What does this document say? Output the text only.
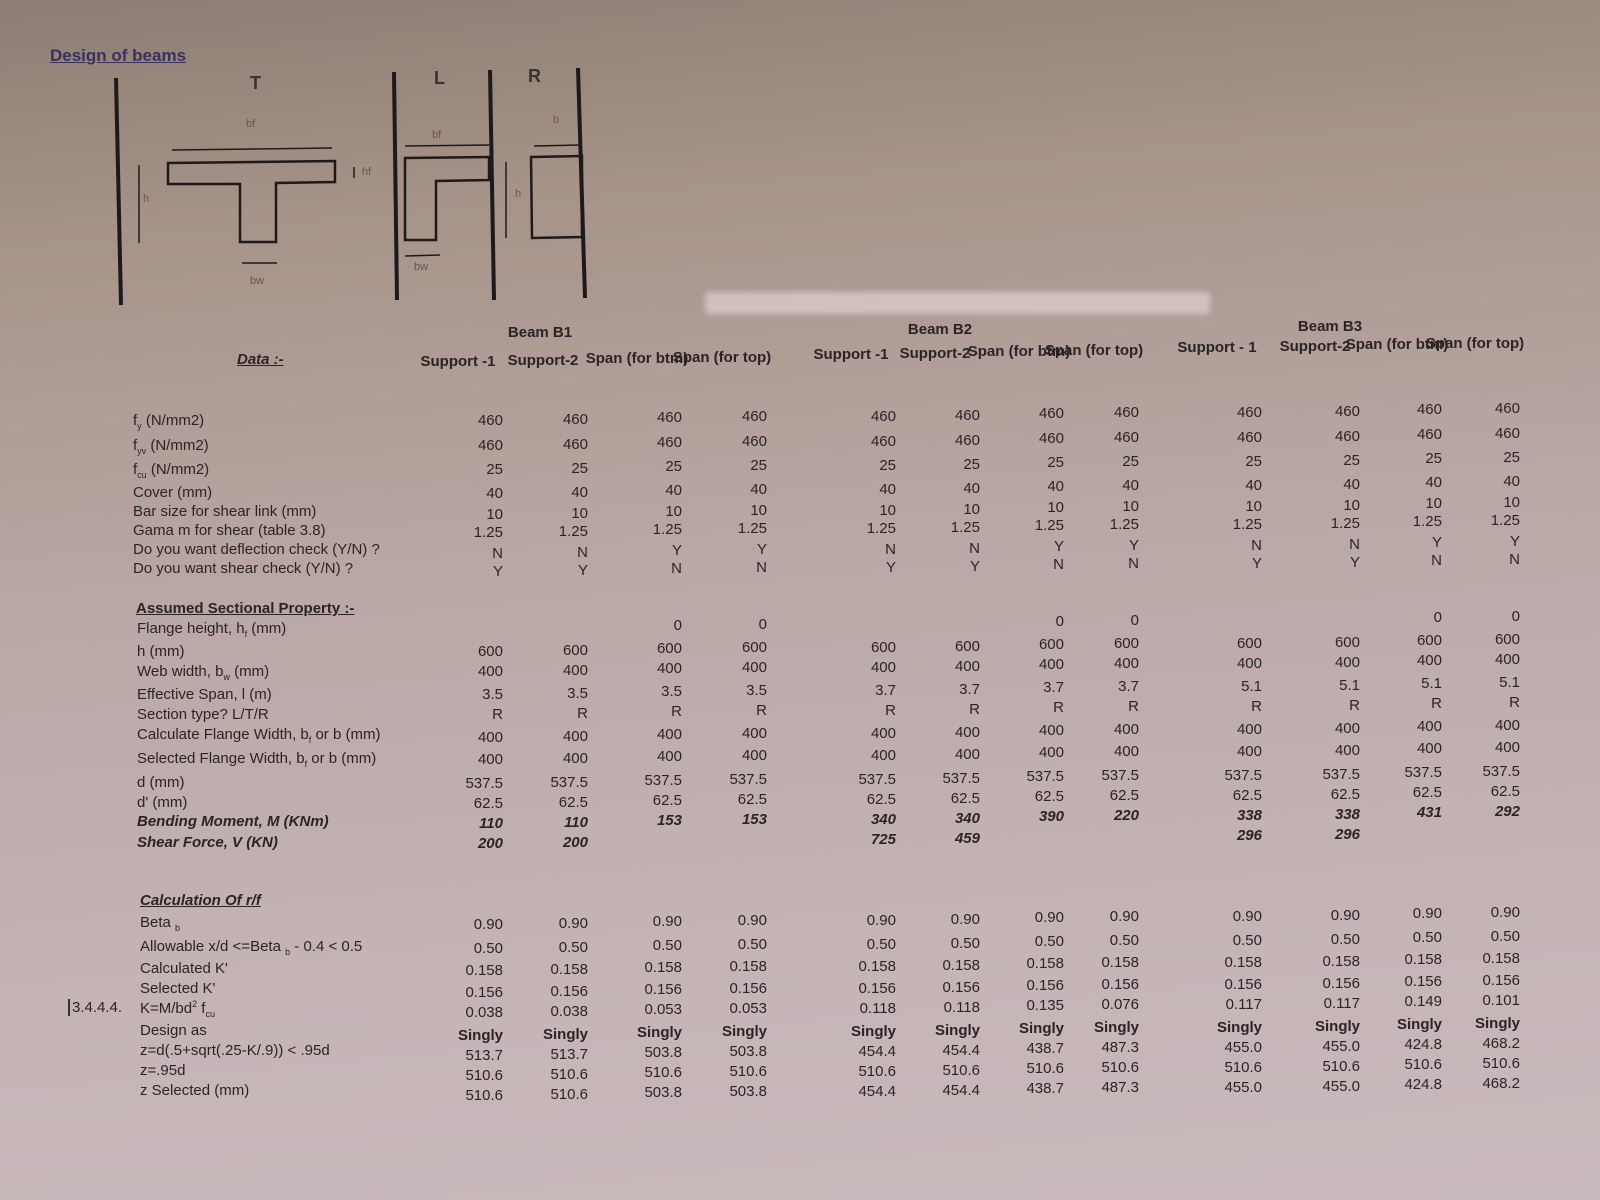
Design of beams
T	L	R
bf
hf
h
bw
bf
h
bw
b
Data :-
Assumed Sectional Property :-
Calculation Of r/f
3.4.4.4.
$f_y$ (N/mm2)
$f_{yv}$ (N/mm2)
$f_{cu}$ (N/mm2)
Cover (mm)
Bar size for shear link (mm)
Gama m for shear (table 3.8)
Do you want deflection check (Y/N) ?
Do you want shear check (Y/N) ?
Flange height, $h_f$ (mm)
h (mm)
Web width, $b_w$ (mm)
Effective Span, l (m)
Section type? L/T/R
Calculate Flange Width, $b_f$ or b (mm)
Selected Flange Width, $b_f$ or b (mm)
d (mm)
d' (mm)
Bending Moment, M (KNm)
Shear Force, V (KN)
Beta $_b$
Allowable x/d <=Beta $_b$ - 0.4 < 0.5
Calculated K'
Selected K'
$K=M/bd^2$ $f_{cu}$
Design as
z=d(.5+sqrt(.25-K/.9)) < .95d
z=.95d
z Selected (mm)
Beam B1
Support -1
460
460
25
40
10
1.25
N
Y
600
400
3.5
R
400
400
537.5
62.5
110
200
0.90
0.50
0.158
0.156
0.038
Singly
513.7
510.6
510.6
Support-2
460
460
25
40
10
1.25
N
Y
600
400
3.5
R
400
400
537.5
62.5
110
200
0.90
0.50
0.158
0.156
0.038
Singly
513.7
510.6
510.6
Span (for btm)
460
460
25
40
10
1.25
Y
N
0
600
400
3.5
R
400
400
537.5
62.5
153
0.90
0.50
0.158
0.156
0.053
Singly
503.8
510.6
503.8
Span (for top)
460
460
25
40
10
1.25
Y
N
0
600
400
3.5
R
400
400
537.5
62.5
153
0.90
0.50
0.158
0.156
0.053
Singly
503.8
510.6
503.8
Beam B2
Support -1
460
460
25
40
10
1.25
N
Y
600
400
3.7
R
400
400
537.5
62.5
340
725
0.90
0.50
0.158
0.156
0.118
Singly
454.4
510.6
454.4
Support-2
460
460
25
40
10
1.25
N
Y
600
400
3.7
R
400
400
537.5
62.5
340
459
0.90
0.50
0.158
0.156
0.118
Singly
454.4
510.6
454.4
Span (for btm)
460
460
25
40
10
1.25
Y
N
0
600
400
3.7
R
400
400
537.5
62.5
390
0.90
0.50
0.158
0.156
0.135
Singly
438.7
510.6
438.7
Span (for top)
460
460
25
40
10
1.25
Y
N
0
600
400
3.7
R
400
400
537.5
62.5
220
0.90
0.50
0.158
0.156
0.076
Singly
487.3
510.6
487.3
Beam B3
Support - 1
460
460
25
40
10
1.25
N
Y
600
400
5.1
R
400
400
537.5
62.5
338
296
0.90
0.50
0.158
0.156
0.117
Singly
455.0
510.6
455.0
Support-2
460
460
25
40
10
1.25
N
Y
600
400
5.1
R
400
400
537.5
62.5
338
296
0.90
0.50
0.158
0.156
0.117
Singly
455.0
510.6
455.0
Span (for btm)
460
460
25
40
10
1.25
Y
N
0
600
400
5.1
R
400
400
537.5
62.5
431
0.90
0.50
0.158
0.156
0.149
Singly
424.8
510.6
424.8
Span (for top)
460
460
25
40
10
1.25
Y
N
0
600
400
5.1
R
400
400
537.5
62.5
292
0.90
0.50
0.158
0.156
0.101
Singly
468.2
510.6
468.2
